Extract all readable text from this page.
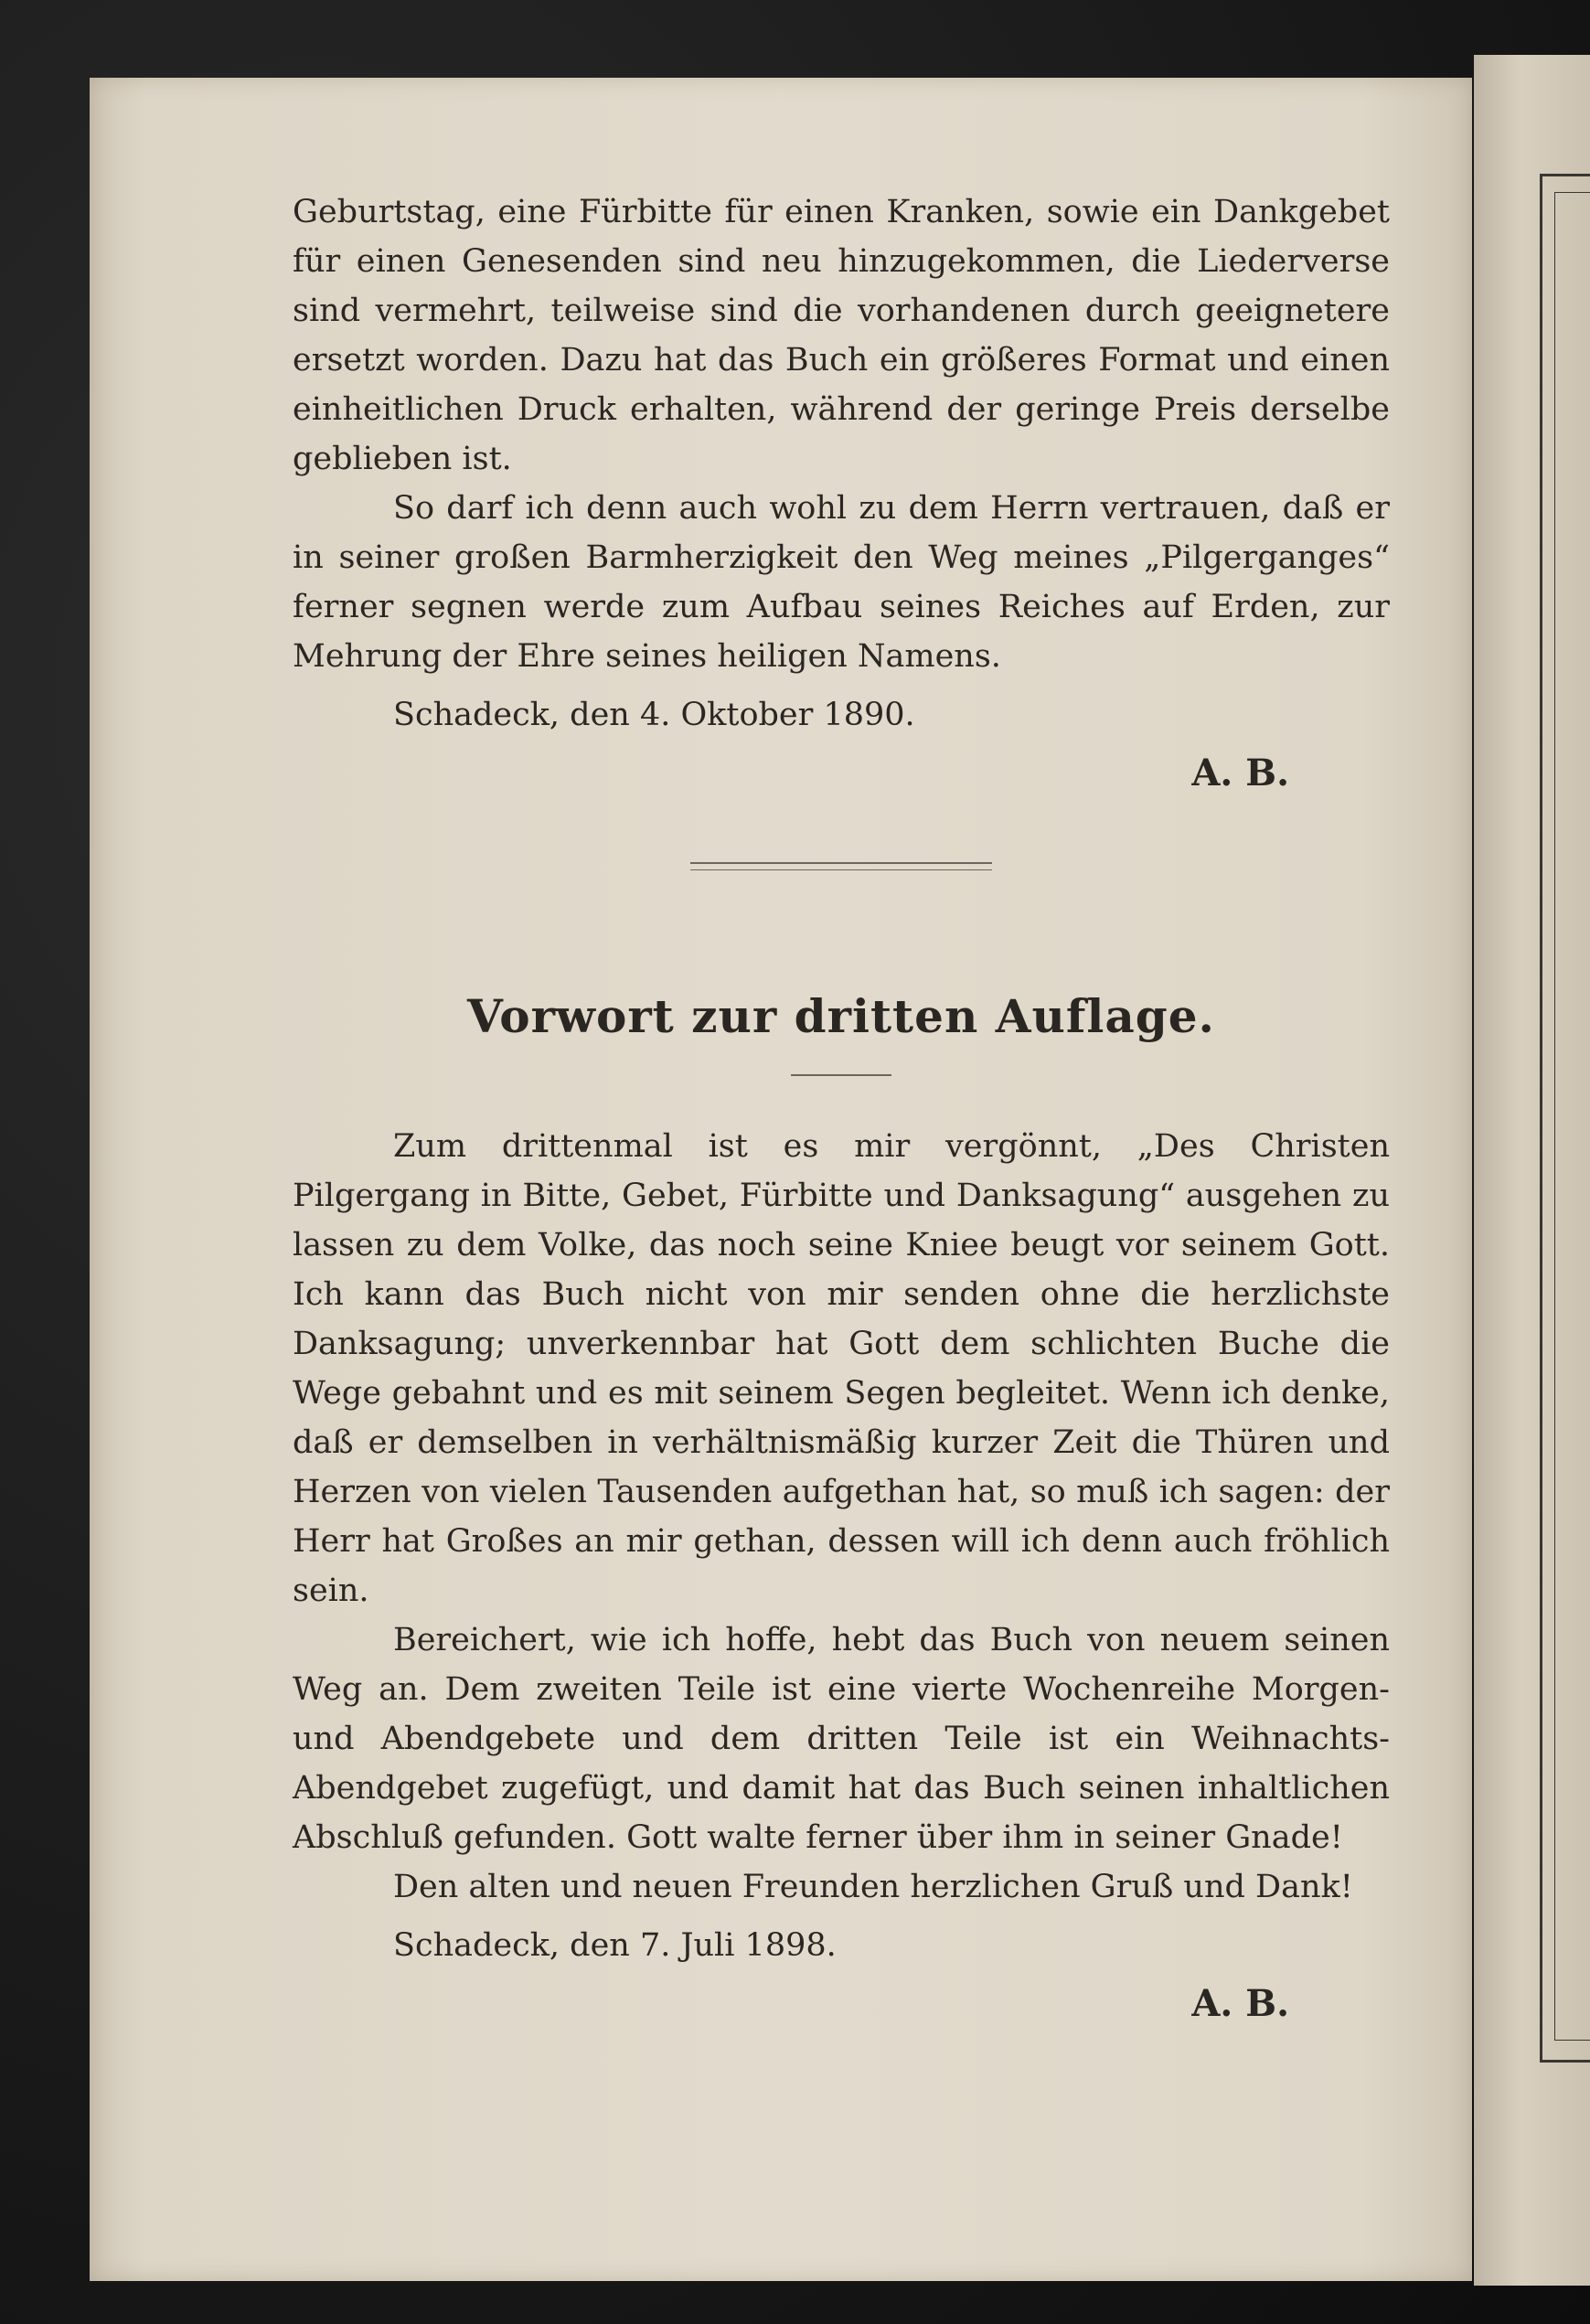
Geburtstag, eine Fürbitte für einen Kranken, sowie ein Dankgebet für einen Genesenden sind neu hinzugekommen, die Liederverse sind vermehrt, teilweise sind die vorhandenen durch geeignetere ersetzt worden. Dazu hat das Buch ein größeres Format und einen einheitlichen Druck erhalten, während der geringe Preis derselbe geblieben ist.

So darf ich denn auch wohl zu dem Herrn vertrauen, daß er in seiner großen Barmherzigkeit den Weg meines „Pilgerganges“ ferner segnen werde zum Aufbau seines Reiches auf Erden, zur Mehrung der Ehre seines heiligen Namens.

Schadeck, den 4. Oktober 1890.

A. B.
Vorwort zur dritten Auflage.

Zum drittenmal ist es mir vergönnt, „Des Christen Pilgergang in Bitte, Gebet, Fürbitte und Danksagung“ ausgehen zu lassen zu dem Volke, das noch seine Kniee beugt vor seinem Gott. Ich kann das Buch nicht von mir senden ohne die herzlichste Danksagung; unverkennbar hat Gott dem schlichten Buche die Wege gebahnt und es mit seinem Segen begleitet. Wenn ich denke, daß er demselben in verhältnismäßig kurzer Zeit die Thüren und Herzen von vielen Tausenden aufgethan hat, so muß ich sagen: der Herr hat Großes an mir gethan, dessen will ich denn auch fröhlich sein.

Bereichert, wie ich hoffe, hebt das Buch von neuem seinen Weg an. Dem zweiten Teile ist eine vierte Wochenreihe Morgen- und Abendgebete und dem dritten Teile ist ein Weihnachts-Abendgebet zugefügt, und damit hat das Buch seinen inhaltlichen Abschluß gefunden. Gott walte ferner über ihm in seiner Gnade!

Den alten und neuen Freunden herzlichen Gruß und Dank!

Schadeck, den 7. Juli 1898.

A. B.
